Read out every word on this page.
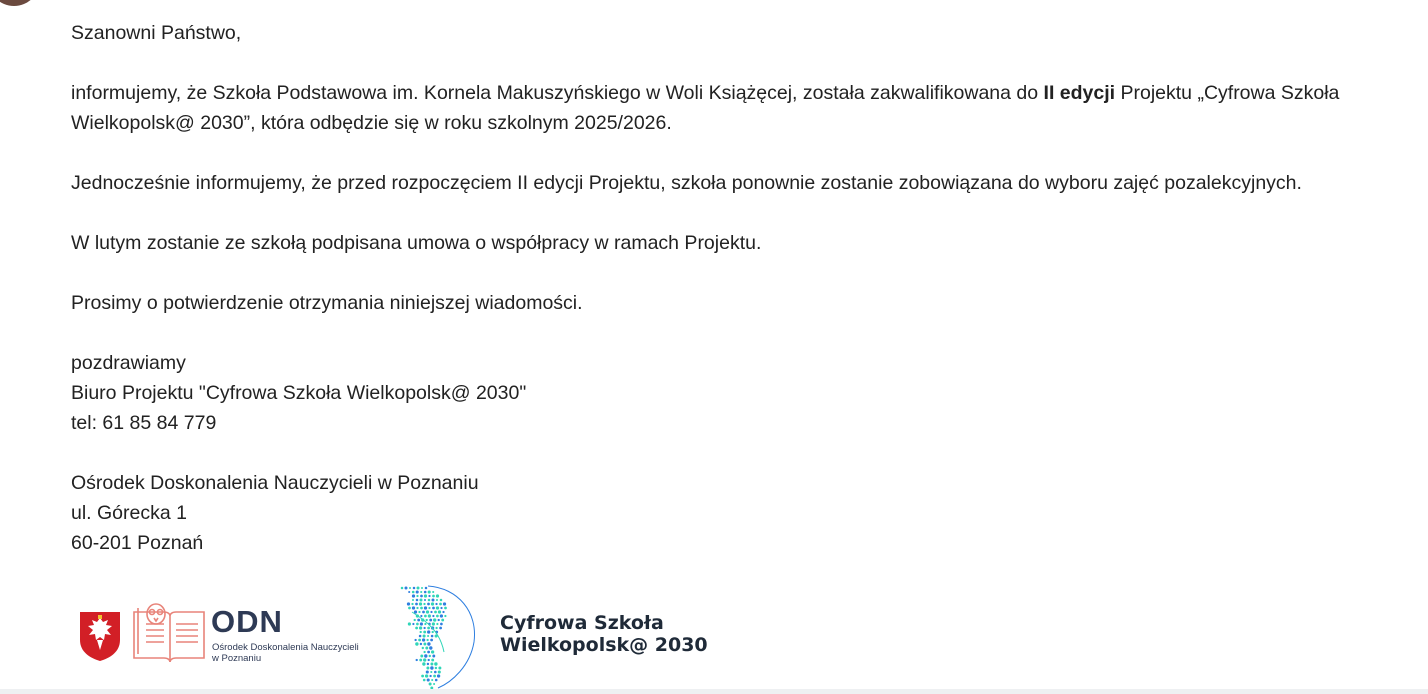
Szanowni Państwo,

informujemy, że Szkoła Podstawowa im. Kornela Makuszyńskiego w Woli Książęcej, została zakwalifikowana do II edycji Projektu „Cyfrowa Szkoła Wielkopolsk@ 2030”, która odbędzie się w roku szkolnym 2025/2026.

Jednocześnie informujemy, że przed rozpoczęciem II edycji Projektu, szkoła ponownie zostanie zobowiązana do wyboru zajęć pozalekcyjnych.

W lutym zostanie ze szkołą podpisana umowa o współpracy w ramach Projektu.

Prosimy o potwierdzenie otrzymania niniejszej wiadomości.

pozdrawiamy
Biuro Projektu "Cyfrowa Szkoła Wielkopolsk@ 2030"
tel: 61 85 84 779

Ośrodek Doskonalenia Nauczycieli w Poznaniu
ul. Górecka 1
60-201 Poznań

ODN
Ośrodek Doskonalenia Nauczycieli
w Poznaniu
Cyfrowa Szkoła
Wielkopolsk@ 2030
